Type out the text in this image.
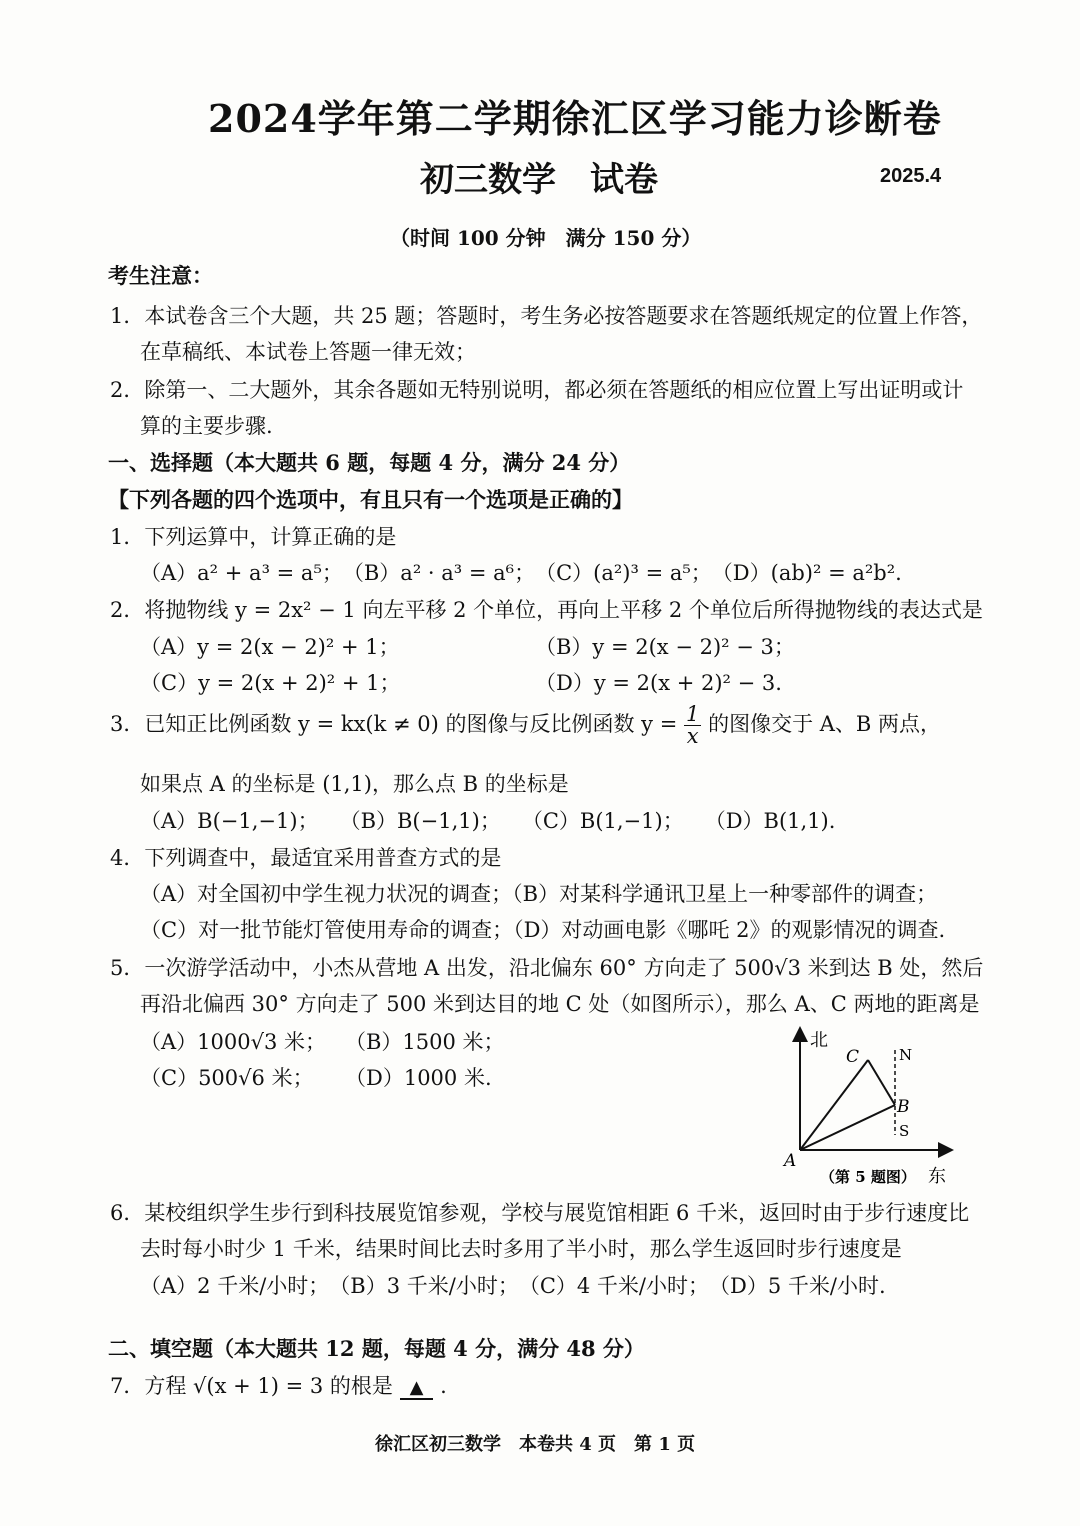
2024学年第二学期徐汇区学习能力诊断卷
初三数学　试卷	2025.4
（时间 100 分钟　满分 150 分）
考生注意：
1．本试卷含三个大题，共 25 题；答题时，考生务必按答题要求在答题纸规定的位置上作答，
在草稿纸、本试卷上答题一律无效；
2．除第一、二大题外，其余各题如无特别说明，都必须在答题纸的相应位置上写出证明或计
算的主要步骤.
一、选择题（本大题共 6 题，每题 4 分，满分 24 分）
【下列各题的四个选项中，有且只有一个选项是正确的】
1．下列运算中，计算正确的是
（A）a² + a³ = a⁵；　（B）a² · a³ = a⁶；　（C）(a²)³ = a⁵；　（D）(ab)² = a²b².
2．将抛物线 y = 2x² − 1 向左平移 2 个单位，再向上平移 2 个单位后所得抛物线的表达式是
（A）y = 2(x − 2)² + 1；	（B）y = 2(x − 2)² − 3；
（C）y = 2(x + 2)² + 1；	（D）y = 2(x + 2)² − 3.
3．已知正比例函数 y = kx(k ≠ 0) 的图像与反比例函数 $y = \frac{1}{x}$ 的图像交于 A、B 两点，
如果点 A 的坐标是 (1,1)，那么点 B 的坐标是
（A）B(−1,−1)；　　（B）B(−1,1)；　　（C）B(1,−1)；　　（D）B(1,1).
4．下列调查中，最适宜采用普查方式的是
（A）对全国初中学生视力状况的调查；（B）对某科学通讯卫星上一种零部件的调查；
（C）对一批节能灯管使用寿命的调查；（D）对动画电影《哪吒 2》的观影情况的调查.
5．一次游学活动中，小杰从营地 A 出发，沿北偏东 60° 方向走了 500√3 米到达 B 处，然后
再沿北偏西 30° 方向走了 500 米到达目的地 C 处（如图所示），那么 A、C 两地的距离是
（A）1000√3 米； （B）1500 米；
（C）500√6 米； （D）1000 米.
北
东
A
B
C	N
S
（第 5 题图）
6．某校组织学生步行到科技展览馆参观，学校与展览馆相距 6 千米，返回时由于步行速度比
去时每小时少 1 千米，结果时间比去时多用了半小时，那么学生返回时步行速度是
（A）2 千米/小时；　（B）3 千米/小时；　（C）4 千米/小时；　（D）5 千米/小时.
二、填空题（本大题共 12 题，每题 4 分，满分 48 分）
7．方程 √(x + 1) = 3 的根是 ▲ .
徐汇区初三数学　本卷共 4 页　第 1 页
